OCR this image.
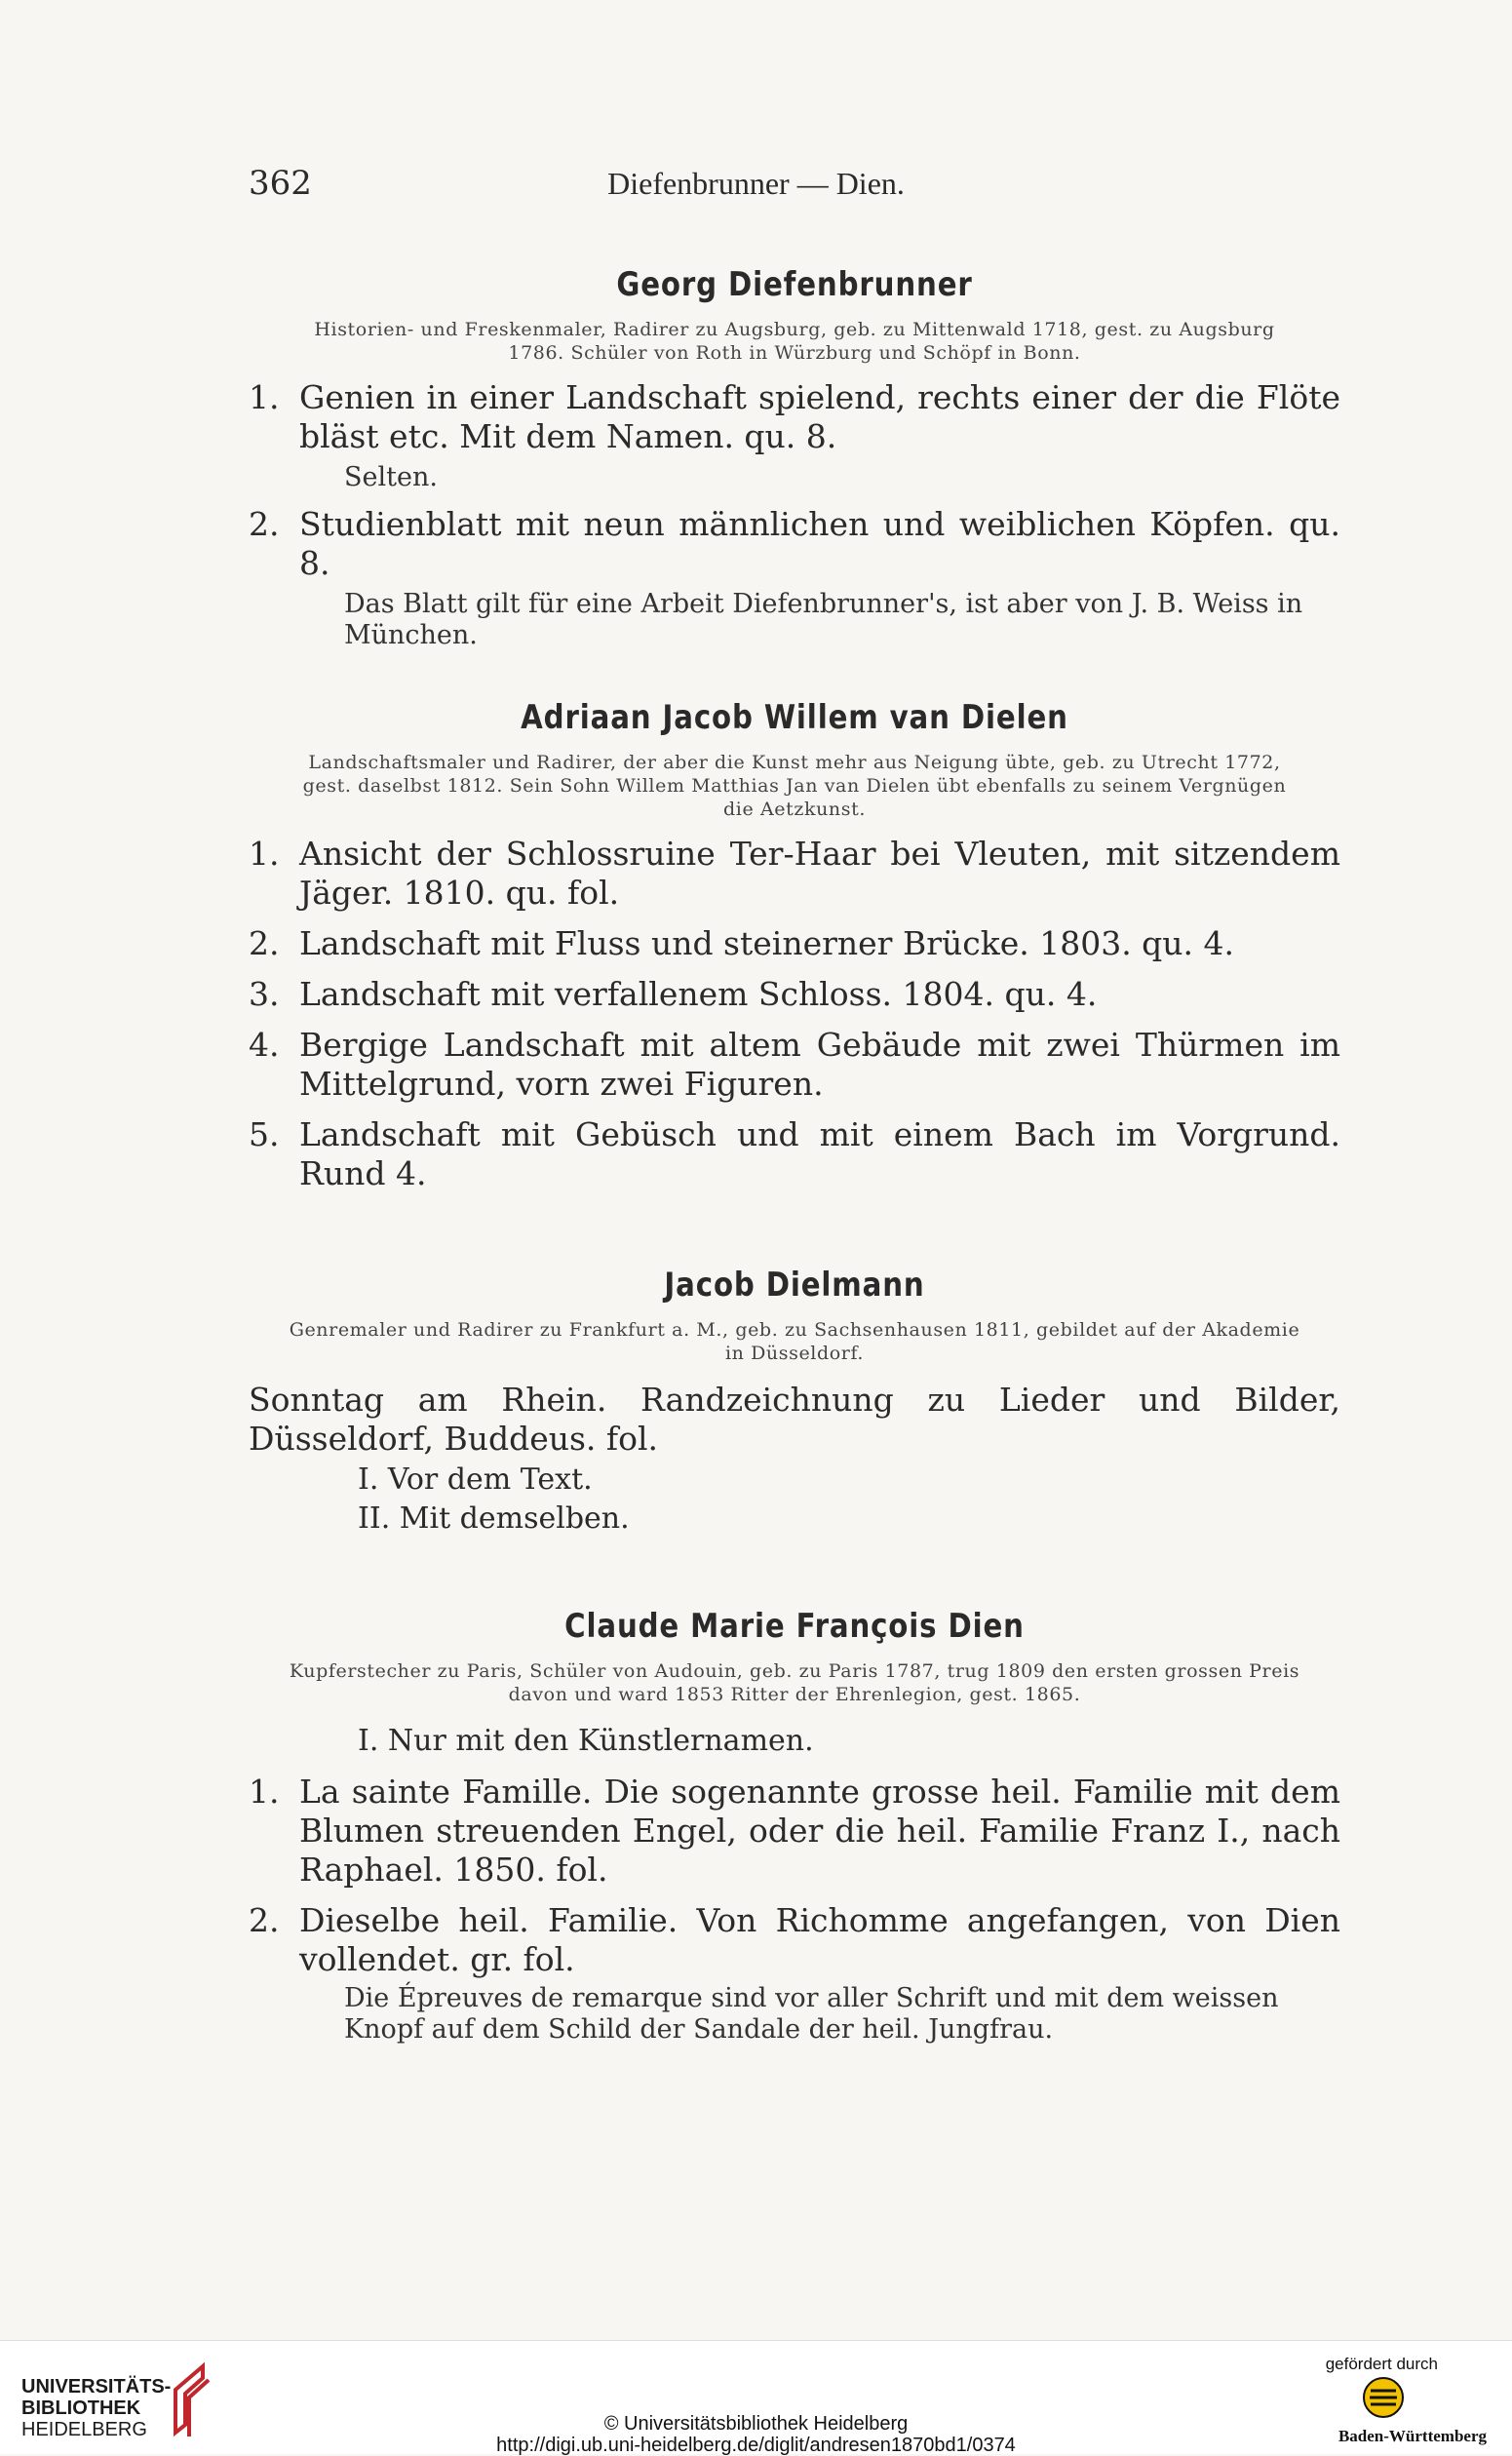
362	Diefenbrunner — Dien.
Georg Diefenbrunner
Historien- und Freskenmaler, Radirer zu Augsburg, geb. zu Mittenwald 1718, gest. zu Augsburg 1786. Schüler von Roth in Würzburg und Schöpf in Bonn.
1. Genien in einer Landschaft spielend, rechts einer der die Flöte bläst etc. Mit dem Namen. qu. 8.
Selten.
2. Studienblatt mit neun männlichen und weiblichen Köpfen. qu. 8.
Das Blatt gilt für eine Arbeit Diefenbrunner's, ist aber von J. B. Weiss in München.
Adriaan Jacob Willem van Dielen
Landschaftsmaler und Radirer, der aber die Kunst mehr aus Neigung übte, geb. zu Utrecht 1772, gest. daselbst 1812. Sein Sohn Willem Matthias Jan van Dielen übt ebenfalls zu seinem Vergnügen die Aetzkunst.
1. Ansicht der Schlossruine Ter-Haar bei Vleuten, mit sitzendem Jäger. 1810. qu. fol.
2. Landschaft mit Fluss und steinerner Brücke. 1803. qu. 4.
3. Landschaft mit verfallenem Schloss. 1804. qu. 4.
4. Bergige Landschaft mit altem Gebäude mit zwei Thürmen im Mittelgrund, vorn zwei Figuren.
5. Landschaft mit Gebüsch und mit einem Bach im Vorgrund. Rund 4.
Jacob Dielmann
Genremaler und Radirer zu Frankfurt a. M., geb. zu Sachsenhausen 1811, gebildet auf der Akademie in Düsseldorf.
Sonntag am Rhein. Randzeichnung zu Lieder und Bilder, Düsseldorf, Buddeus. fol.
I. Vor dem Text.
II. Mit demselben.
Claude Marie François Dien
Kupferstecher zu Paris, Schüler von Audouin, geb. zu Paris 1787, trug 1809 den ersten grossen Preis davon und ward 1853 Ritter der Ehrenlegion, gest. 1865.
I. Nur mit den Künstlernamen.
1. La sainte Famille. Die sogenannte grosse heil. Familie mit dem Blumen streuenden Engel, oder die heil. Familie Franz I., nach Raphael. 1850. fol.
2. Dieselbe heil. Familie. Von Richomme angefangen, von Dien vollendet. gr. fol.
Die Épreuves de remarque sind vor aller Schrift und mit dem weissen Knopf auf dem Schild der Sandale der heil. Jungfrau.
UNIVERSITÄTS-
BIBLIOTHEK
HEIDELBERG	© Universitätsbibliothek Heidelberg
http://digi.ub.uni-heidelberg.de/diglit/andresen1870bd1/0374
gefördert durch
Baden-Württemberg
